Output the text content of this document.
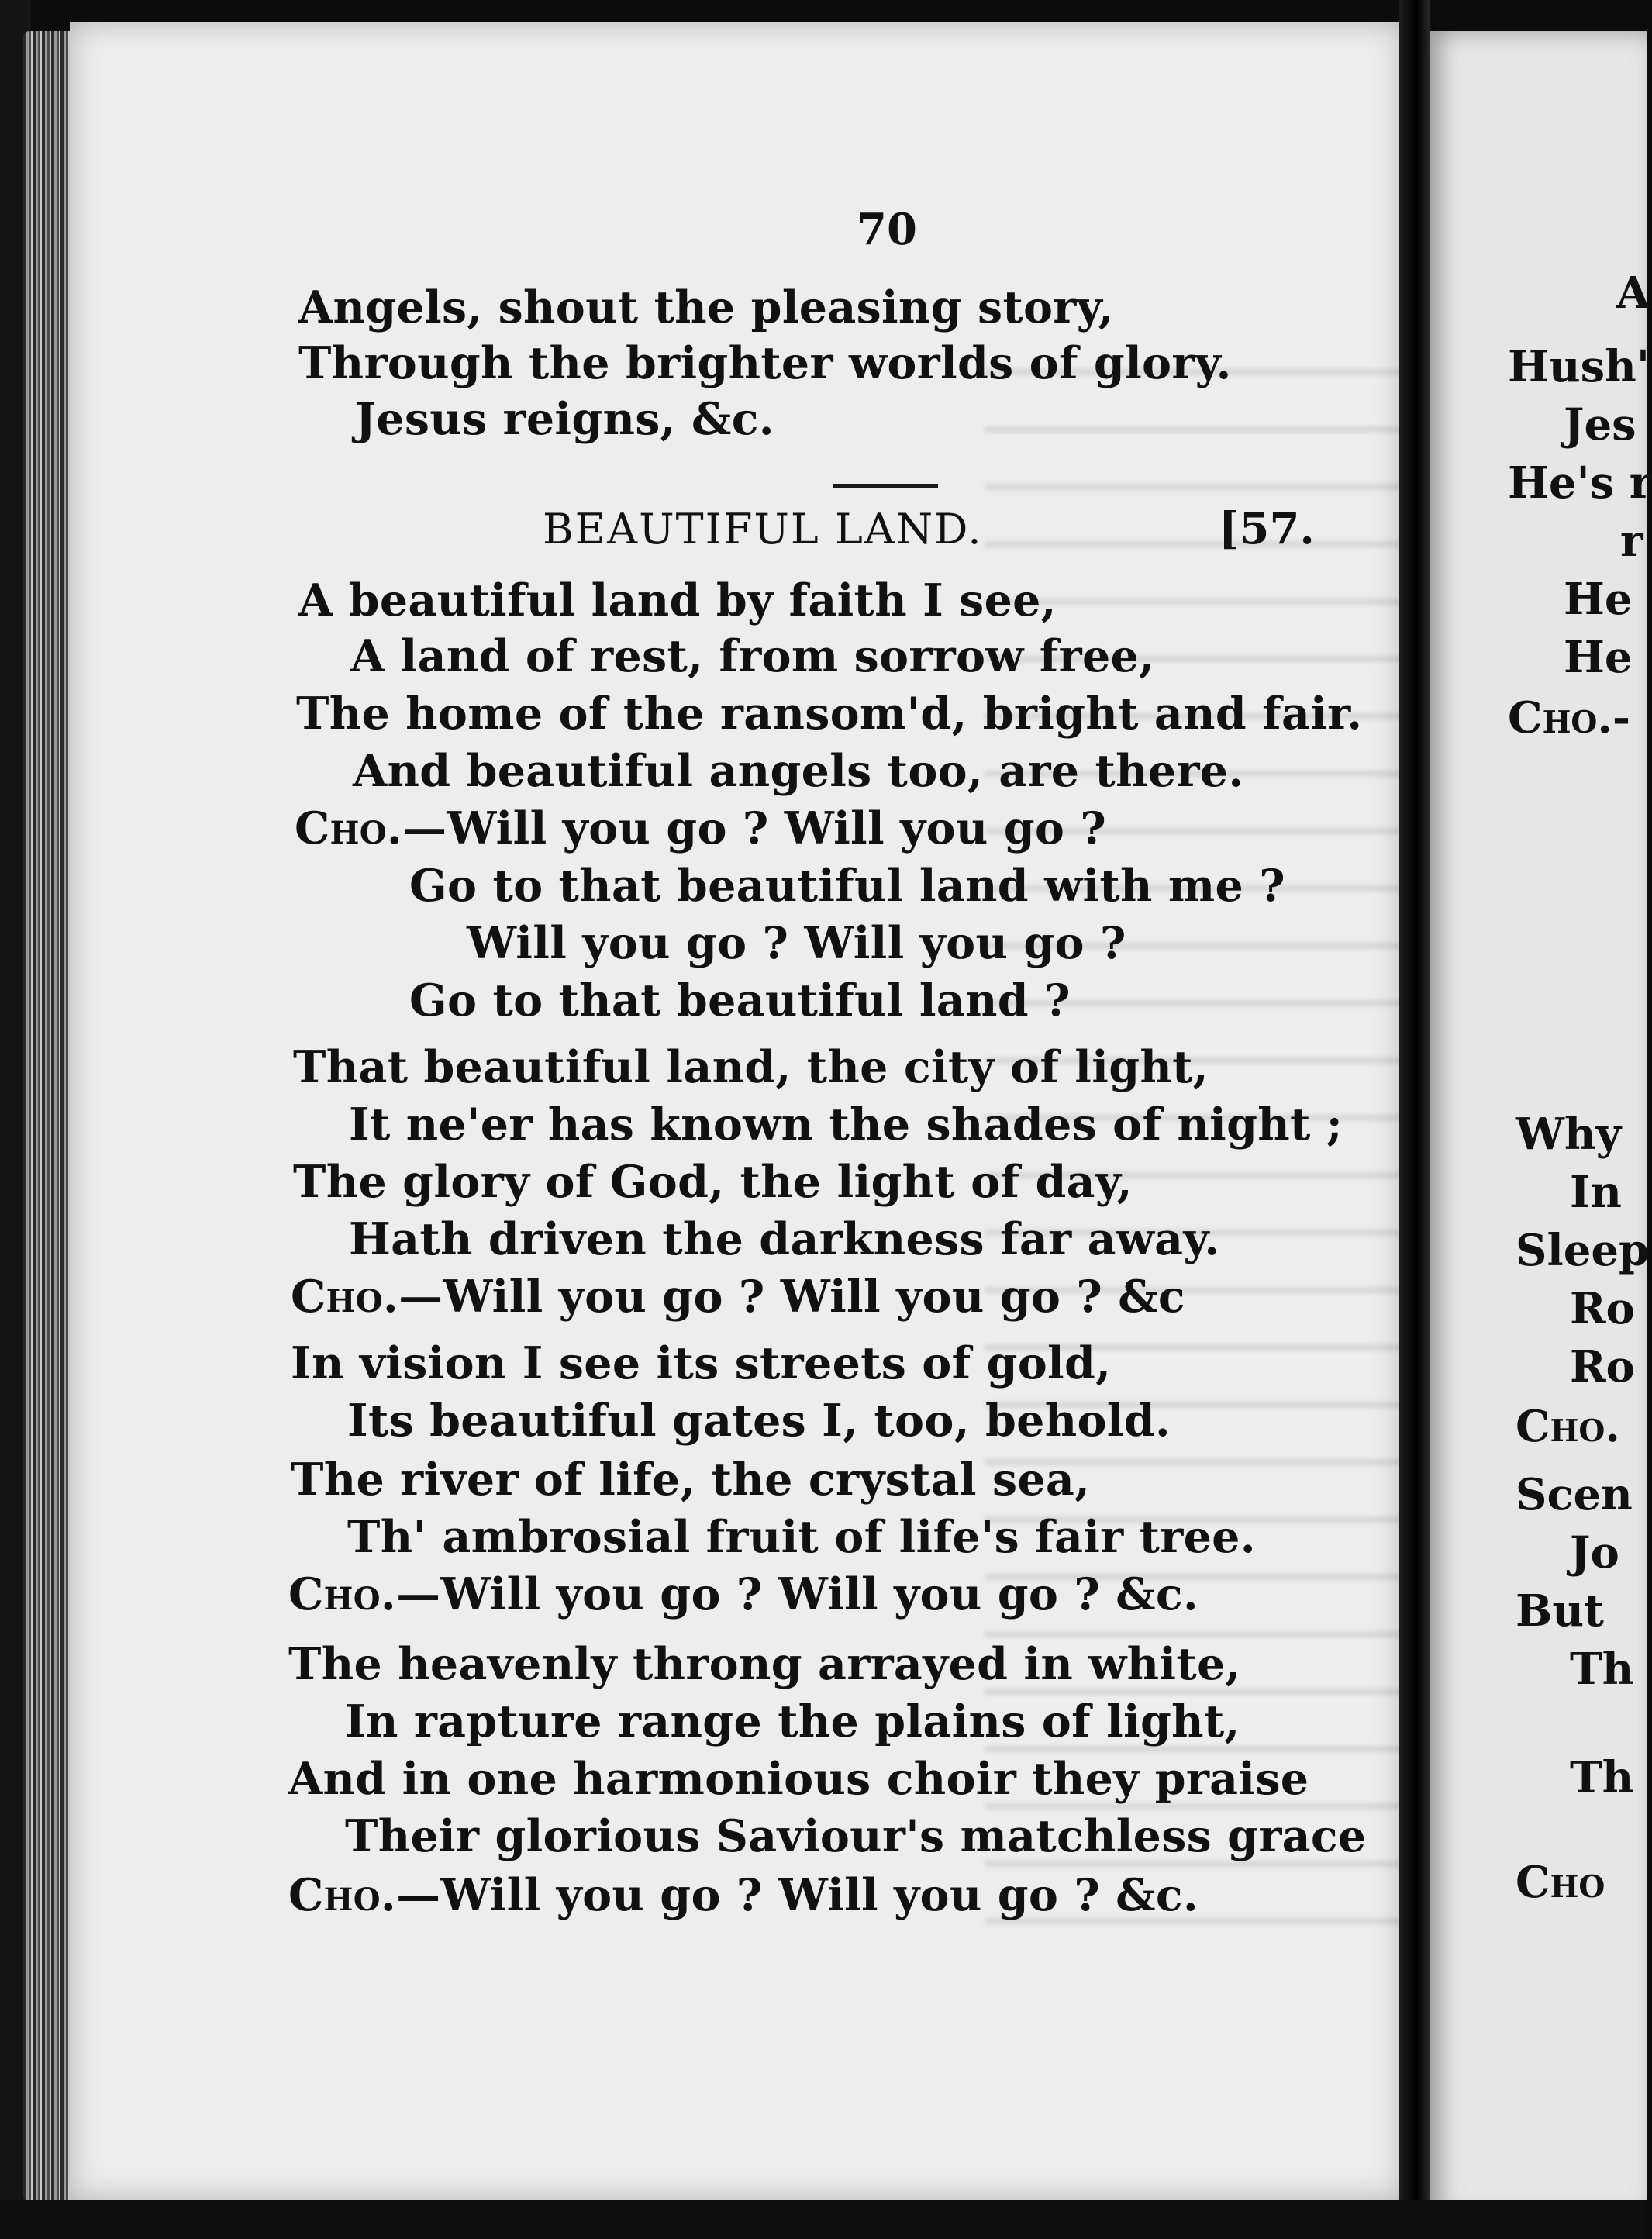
70
Angels, shout the pleasing story,
Through the brighter worlds of glory.
Jesus reigns, &c.
BEAUTIFUL LAND.	[57.
A beautiful land by faith I see,
A land of rest, from sorrow free,
The home of the ransom'd, bright and fair.
And beautiful angels too, are there.
Cho.—Will you go ? Will you go ?
Go to that beautiful land with me ?
Will you go ? Will you go ?
Go to that beautiful land ?
That beautiful land, the city of light,
It ne'er has known the shades of night ;
The glory of God, the light of day,
Hath driven the darkness far away.
Cho.—Will you go ? Will you go ? &c
In vision I see its streets of gold,
Its beautiful gates I, too, behold.
The river of life, the crystal sea,
Th' ambrosial fruit of life's fair tree.
Cho.—Will you go ? Will you go ? &c.
The heavenly throng arrayed in white,
In rapture range the plains of light,
And in one harmonious choir they praise
Their glorious Saviour's matchless grace
Cho.—Will you go ? Will you go ? &c.
A
Hush'
Jes
He's r
r
He
He
Cho.-
Why
In
Sleep
Ro
Ro
Cho.
Scen
Jo
But
Th
Th
Cho
